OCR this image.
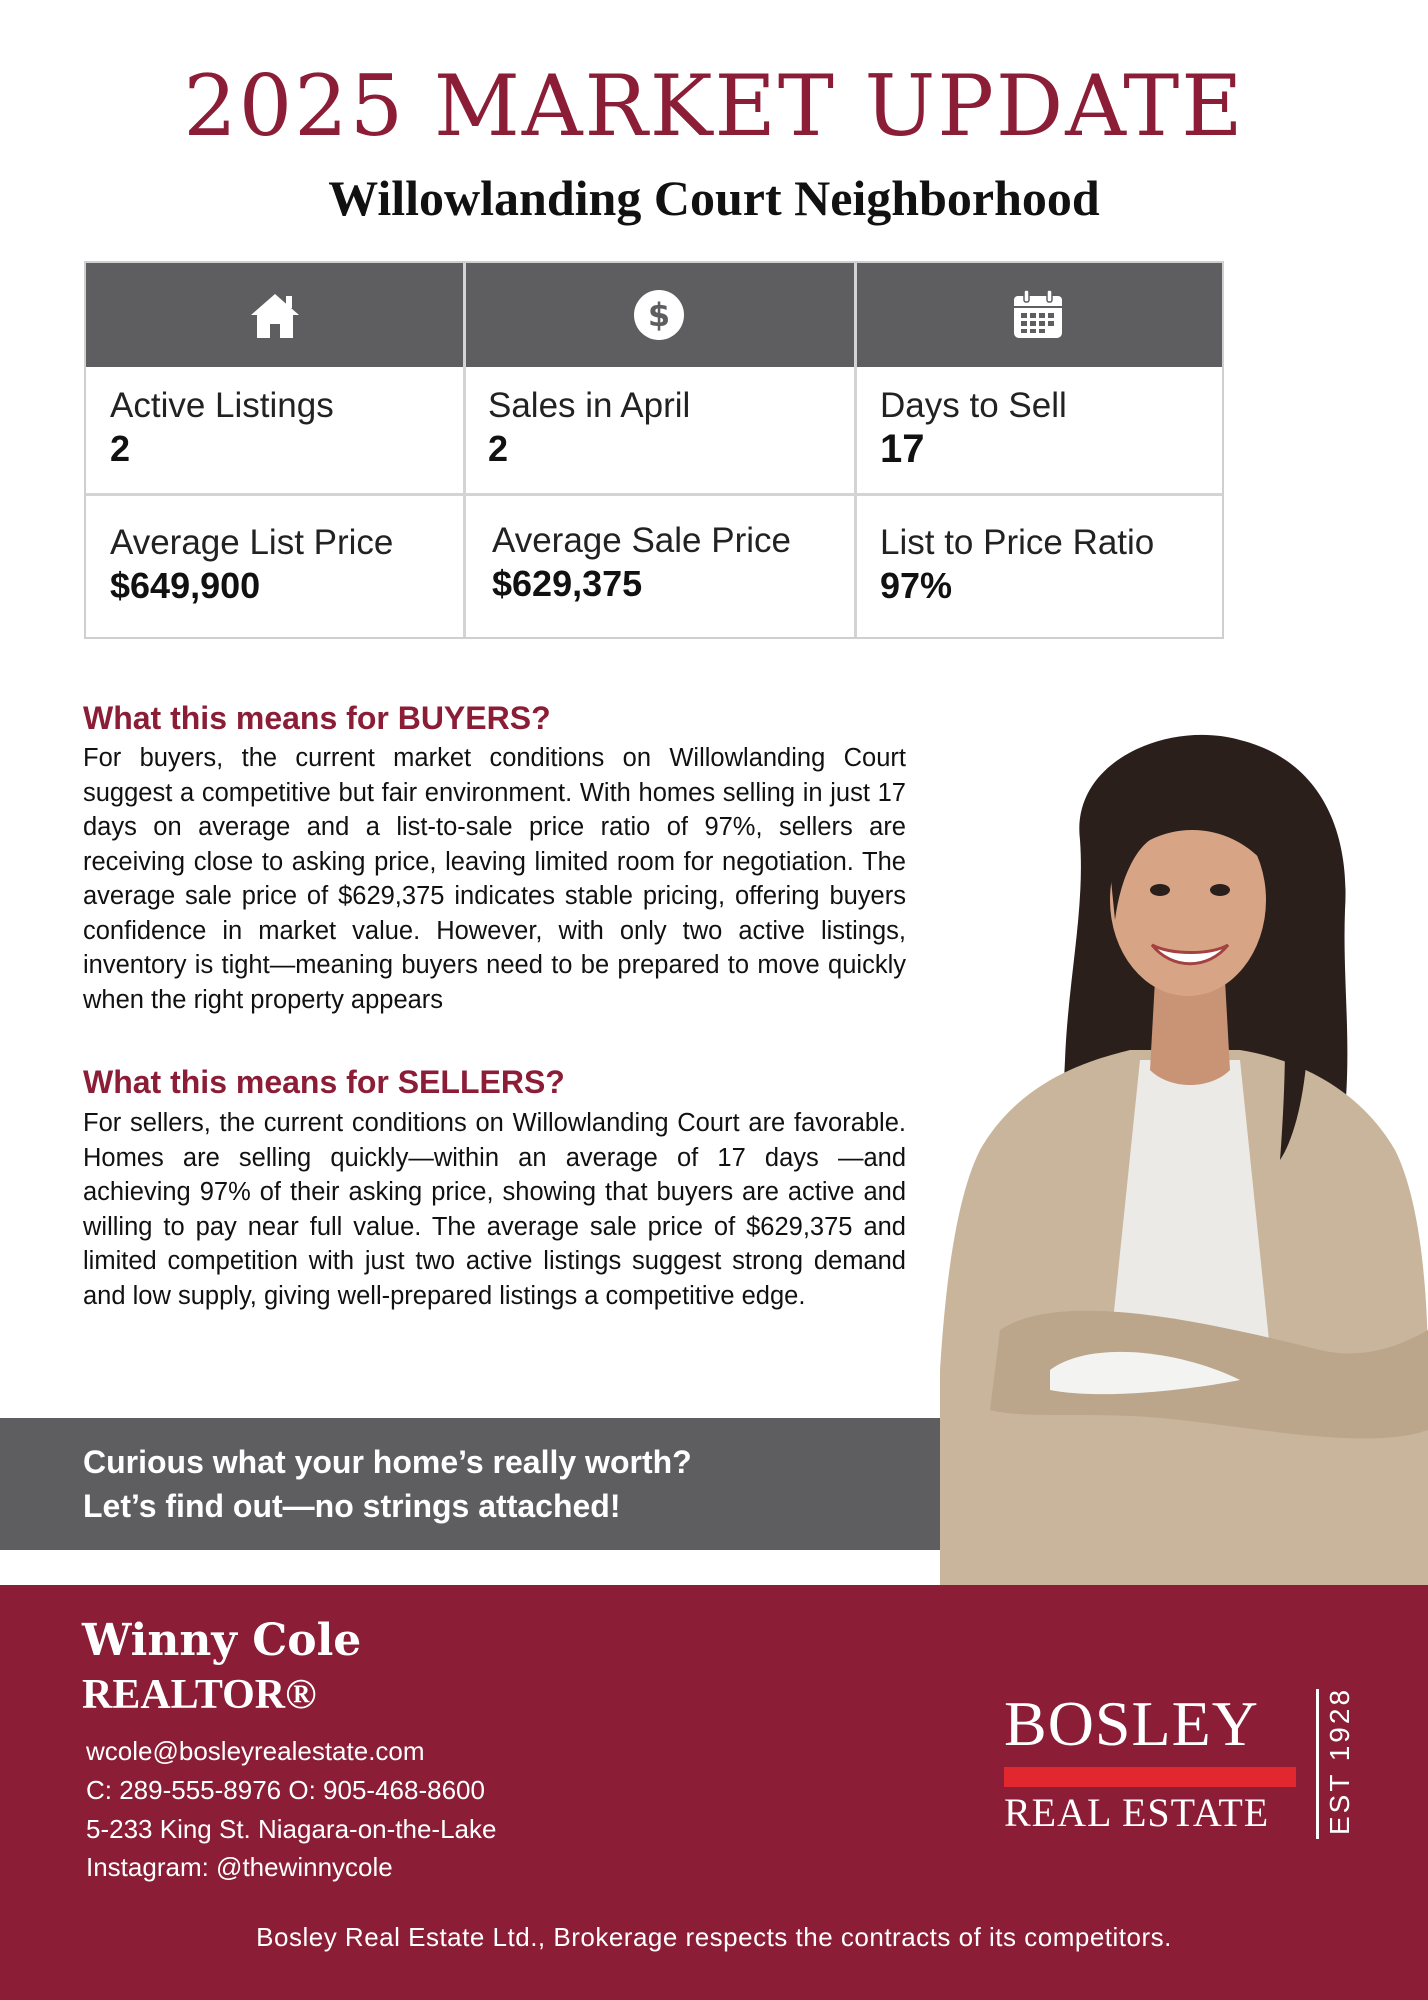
2025 MARKET UPDATE
Willowlanding Court Neighborhood
$
Active Listings
2
Sales in April
2
Days to Sell
17
Average List Price
$649,900
Average Sale Price
$629,375
List to Price Ratio
97%
What this means for BUYERS?

For buyers, the current market conditions on Willowlanding Court suggest a competitive but fair environment. With homes selling in just 17 days on average and a list-to-sale price ratio of 97%, sellers are receiving close to asking price, leaving limited room for negotiation. The average sale price of $629,375 indicates stable pricing, offering buyers confidence in market value. However, with only two active listings, inventory is tight—meaning buyers need to be prepared to move quickly when the right property appears

What this means for SELLERS?

For sellers, the current conditions on Willowlanding Court are favorable. Homes are selling quickly—within an average of 17 days —and achieving 97% of their asking price, showing that buyers are active and willing to pay near full value. The average sale price of $629,375 and limited competition with just two active listings suggest strong demand and low supply, giving well-prepared listings a competitive edge.

Curious what your home’s really worth?
Let’s find out—no strings attached!

Winny Cole
REALTOR®

wcole@bosleyrealestate.com

C: 289-555-8976 O: 905-468-8600

5-233 King St. Niagara-on-the-Lake

Instagram: @thewinnycole

BOSLEY
REAL ESTATE EST 1928

Bosley Real Estate Ltd., Brokerage respects the contracts of its competitors.
